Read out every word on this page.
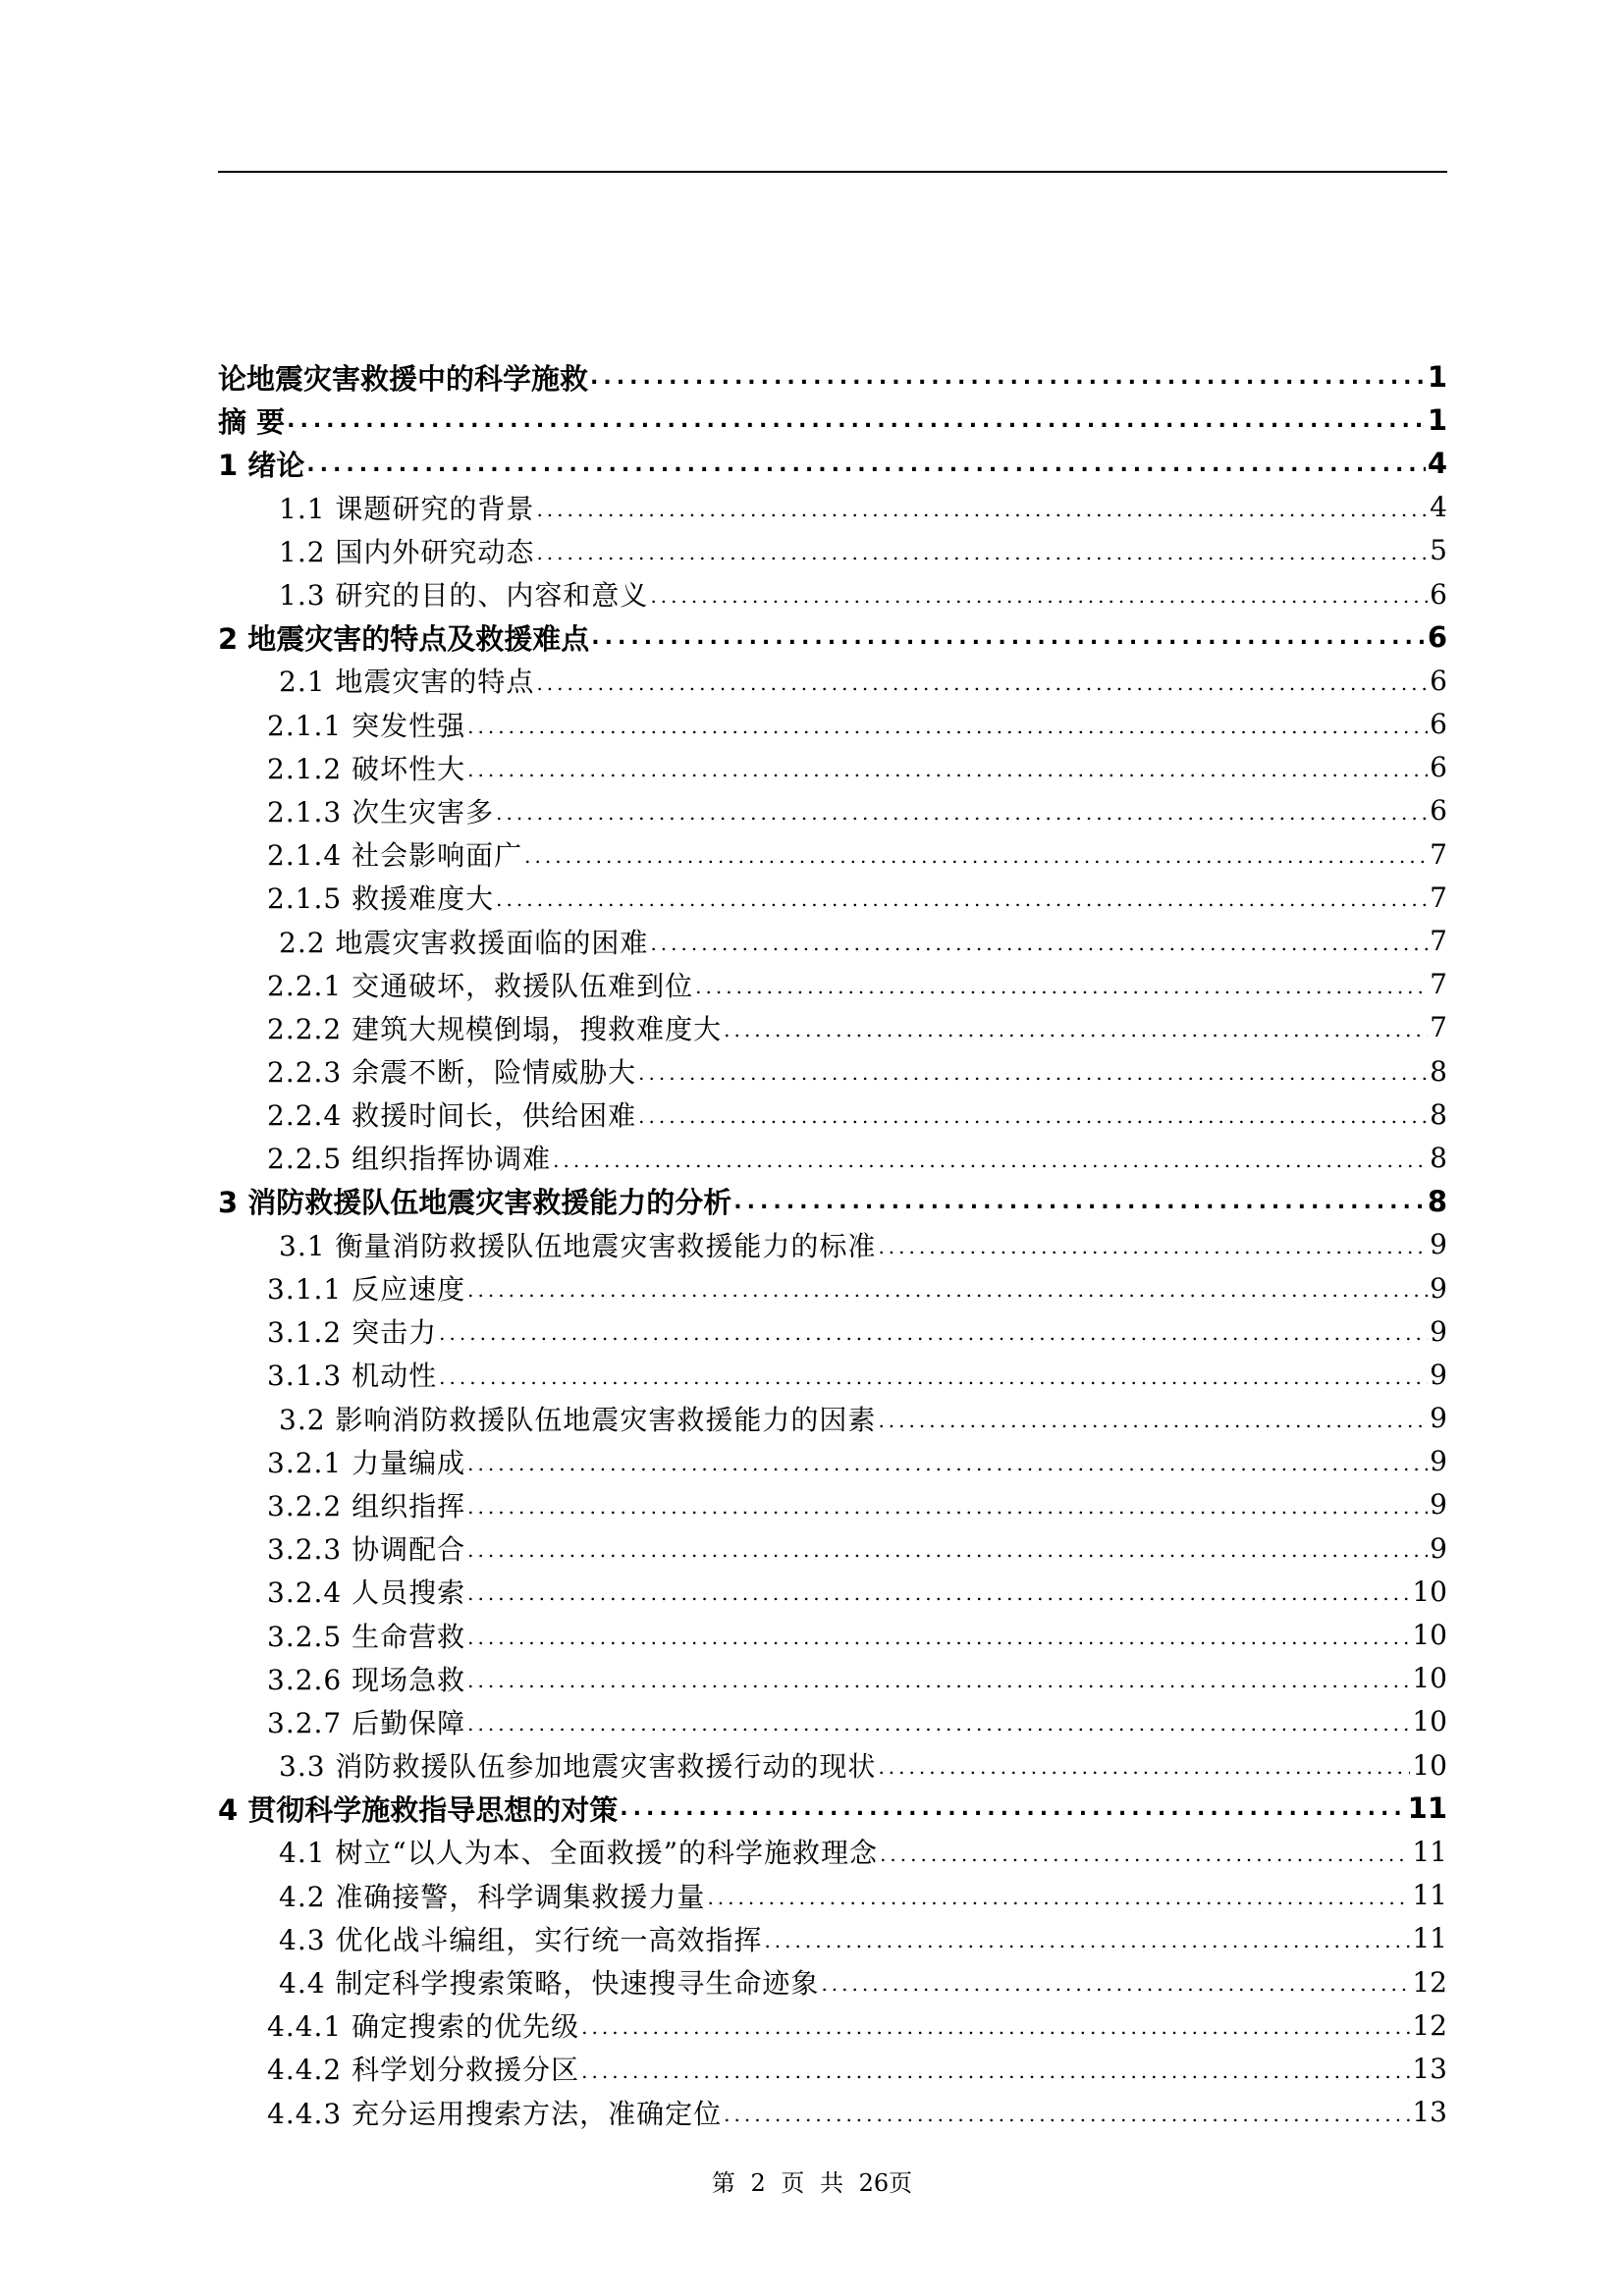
论地震灾害救援中的科学施救 .....	1
摘 要 .....	1
1 绪论 .....	4
1.1 课题研究的背景 .....	4
1.2 国内外研究动态 .....	5
1.3 研究的目的、内容和意义 .....	6
2 地震灾害的特点及救援难点 .....	6
2.1 地震灾害的特点 .....	6
2.1.1 突发性强 .....	6
2.1.2 破坏性大 .....	6
2.1.3 次生灾害多 .....	6
2.1.4 社会影响面广 .....	7
2.1.5 救援难度大 .....	7
2.2 地震灾害救援面临的困难 .....	7
2.2.1 交通破坏，救援队伍难到位 .....	7
2.2.2 建筑大规模倒塌，搜救难度大 .....	7
2.2.3 余震不断，险情威胁大 .....	8
2.2.4 救援时间长，供给困难 .....	8
2.2.5 组织指挥协调难 .....	8
3 消防救援队伍地震灾害救援能力的分析 .....	8
3.1 衡量消防救援队伍地震灾害救援能力的标准 .....	9
3.1.1 反应速度 .....	9
3.1.2 突击力 .....	9
3.1.3 机动性 .....	9
3.2 影响消防救援队伍地震灾害救援能力的因素 .....	9
3.2.1 力量编成 .....	9
3.2.2 组织指挥 .....	9
3.2.3 协调配合 .....	9
3.2.4 人员搜索 .....	10
3.2.5 生命营救 .....	10
3.2.6 现场急救 .....	10
3.2.7 后勤保障 .....	10
3.3 消防救援队伍参加地震灾害救援行动的现状 .....	10
4 贯彻科学施救指导思想的对策 .....	11
4.1 树立“以人为本、全面救援”的科学施救理念 .....	11
4.2 准确接警，科学调集救援力量 .....	11
4.3 优化战斗编组，实行统一高效指挥 .....	11
4.4 制定科学搜索策略，快速搜寻生命迹象 .....	12
4.4.1 确定搜索的优先级 .....	12
4.4.2 科学划分救援分区 .....	13
4.4.3 充分运用搜索方法，准确定位 .....	13
第 2 页 共 26页
